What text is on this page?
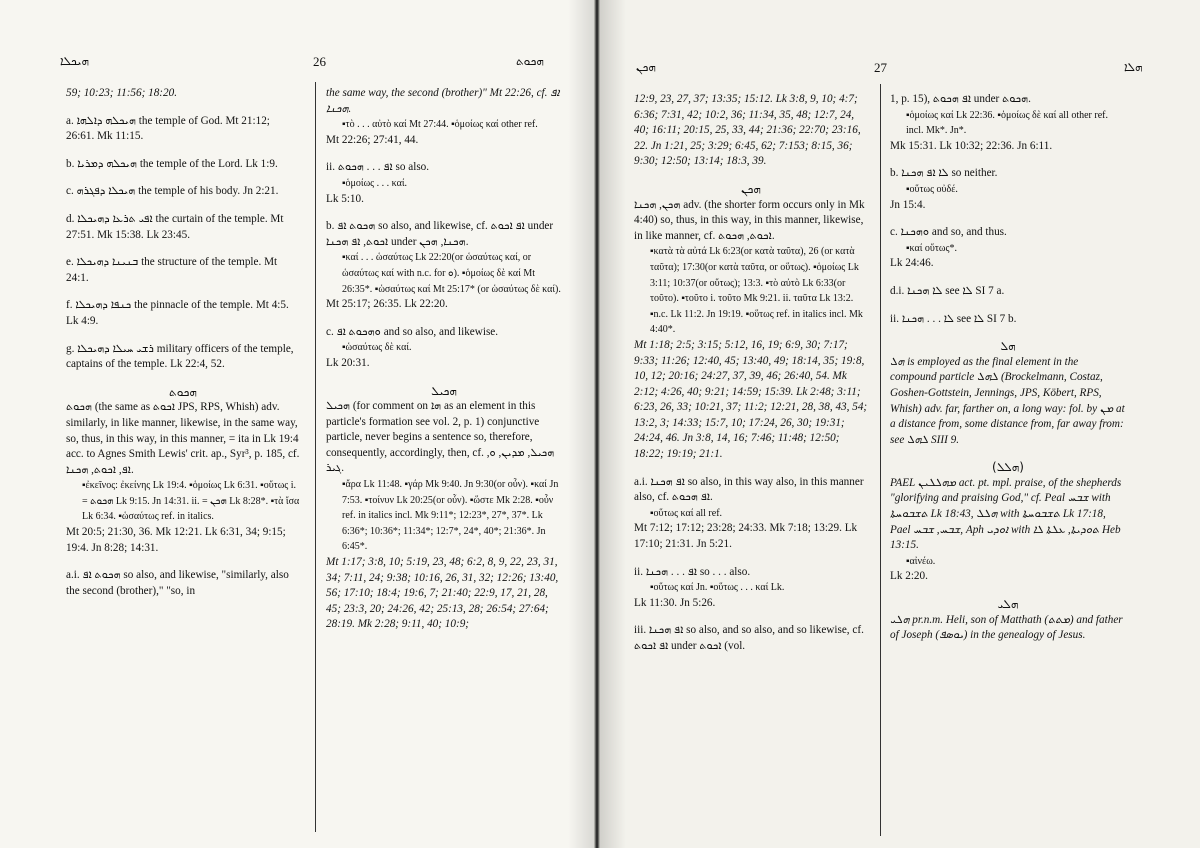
ܗܝܟܠܐ	26	ܗܟܘܬ

59; 10:23; 11:56; 18:20.

a. ܗܝܟܠܗ ܕܐܠܗܐ the temple of God. Mt 21:12; 26:61. Mk 11:15.

b. ܗܝܟܠܗ ܕܡܪܝܐ the temple of the Lord. Lk 1:9.

c. ܗܝܟܠܐ ܕܦܓܪܗ the temple of his body. Jn 2:21.

d. ܐܦܝ ܬܪܥܐ ܕܗܝܟܠܐ the curtain of the temple. Mt 27:51. Mk 15:38. Lk 23:45.

e. ܒܢܝܢܐ ܕܗܝܟܠܐ the structure of the temple. Mt 24:1.

f. ܟܢܦܐ ܕܗܝܟܠܐ the pinnacle of the temple. Mt 4:5. Lk 4:9.

g. ܪܫܝ ܚܝܠܐ ܕܗܝܟܠܐ military officers of the temple, captains of the temple. Lk 22:4, 52.

ܗܟܘܬ

ܗܟܘܬ (the same as ܐܟܘܬ JPS, RPS, Whish) adv. similarly, in like manner, likewise, in the same way, so, thus, in this way, in this manner, = ita in Lk 19:4 acc. to Agnes Smith Lewis' crit. ap., Syr³, p. 185, cf. ܐܦ, ܐܟܘܬ, ܗܟܢܐ.

▪ἐκεῖνος: ἐκείνης Lk 19:4. ▪ὁμοίως Lk 6:31. ▪οὕτως i. = ܗܟܘܬ Lk 9:15. Jn 14:31. ii. = ܗܟܢ Lk 8:28*. ▪τὰ ἴσα Lk 6:34. ▪ὡσαύτως ref. in italics.

Mt 20:5; 21:30, 36. Mk 12:21. Lk 6:31, 34; 9:15; 19:4. Jn 8:28; 14:31.

a.i. ܗܟܘܬ ܐܦ so also, and likewise, "similarly, also the second (brother)," "so, in

the same way, the second (brother)" Mt 22:26, cf. ܐܦ ܗܟܢܐ.

▪τὸ . . . αὐτὸ καί Mt 27:44. ▪ὁμοίως καί other ref.

Mt 22:26; 27:41, 44.

ii. ܐܦ . . . ܗܟܘܬ so also.

▪ὁμοίως . . . καί.

Lk 5:10.

b. ܗܟܘܬ ܐܦ so also, and likewise, cf. ܐܦ ܐܟܘܬ under ܐܟܘܬ, ܐܦ ܗܟܢܐ under ܗܟܢܐ, ܗܟܢ.

▪καί . . . ὡσαύτως Lk 22:20(or ὡσαύτως καί, or ὡσαύτως καί with n.c. for ܘ). ▪ὁμοίως δὲ καί Mt 26:35*. ▪ὡσαύτως καί Mt 25:17* (or ὡσαύτως δὲ καί).

Mt 25:17; 26:35. Lk 22:20.

c. ܘܗܟܘܬ ܐܦ and so also, and likewise.

▪ὡσαύτως δὲ καί.

Lk 20:31.

ܗܟܝܠ

ܗܟܝܠ (for comment on ܗܐ as an element in this particle's formation see vol. 2, p. 1) conjunctive particle, never begins a sentence so, therefore, consequently, accordingly, then, cf. ܗܟܝܠ, ܡܕܝܢ, ܘ, ܓܝܪ.

▪ἄρα Lk 11:48. ▪γάρ Mk 9:40. Jn 9:30(or οὖν). ▪καί Jn 7:53. ▪τοίνυν Lk 20:25(or οὖν). ▪ὥστε Mk 2:28. ▪οὖν ref. in italics incl. Mk 9:11*; 12:23*, 27*, 37*. Lk 6:36*; 10:36*; 11:34*; 12:7*, 24*, 40*; 21:36*. Jn 6:45*.

Mt 1:17; 3:8, 10; 5:19, 23, 48; 6:2, 8, 9, 22, 23, 31, 34; 7:11, 24; 9:38; 10:16, 26, 31, 32; 12:26; 13:40, 56; 17:10; 18:4; 19:6, 7; 21:40; 22:9, 17, 21, 28, 45; 23:3, 20; 24:26, 42; 25:13, 28; 26:54; 27:64; 28:19. Mk 2:28; 9:11, 40; 10:9;

ܗܟܢ	27	ܗܠܐ

12:9, 23, 27, 37; 13:35; 15:12. Lk 3:8, 9, 10; 4:7; 6:36; 7:31, 42; 10:2, 36; 11:34, 35, 48; 12:7, 24, 40; 16:11; 20:15, 25, 33, 44; 21:36; 22:70; 23:16, 22. Jn 1:21, 25; 3:29; 6:45, 62; 7:153; 8:15, 36; 9:30; 12:50; 13:14; 18:3, 39.

ܗܟܢ

ܗܟܢ, ܗܟܢܐ adv. (the shorter form occurs only in Mk 4:40) so, thus, in this way, in this manner, likewise, in like manner, cf. ܐܟܘܬ, ܗܟܘܬ.

▪κατὰ τὰ αὐτά Lk 6:23(or κατὰ ταῦτα), 26 (or κατὰ ταῦτα); 17:30(or κατὰ ταῦτα, or οὕτως). ▪ὁμοίως Lk 3:11; 10:37(or οὕτως); 13:3. ▪τὸ αὐτὸ Lk 6:33(or τοῦτο). ▪τοῦτο i. τοῦτο Mk 9:21. ii. ταῦτα Lk 13:2. ▪n.c. Lk 11:2. Jn 19:19. ▪οὕτως ref. in italics incl. Mk 4:40*.

Mt 1:18; 2:5; 3:15; 5:12, 16, 19; 6:9, 30; 7:17; 9:33; 11:26; 12:40, 45; 13:40, 49; 18:14, 35; 19:8, 10, 12; 20:16; 24:27, 37, 39, 46; 26:40, 54. Mk 2:12; 4:26, 40; 9:21; 14:59; 15:39. Lk 2:48; 3:11; 6:23, 26, 33; 10:21, 37; 11:2; 12:21, 28, 38, 43, 54; 13:2, 3; 14:33; 15:7, 10; 17:24, 26, 30; 19:31; 24:24, 46. Jn 3:8, 14, 16; 7:46; 11:48; 12:50; 18:22; 19:19; 21:1.

a.i. ܐܦ ܗܟܢܐ so also, in this way also, in this manner also, cf. ܐܦ ܗܟܘܬ.

▪οὕτως καί all ref.

Mt 7:12; 17:12; 23:28; 24:33. Mk 7:18; 13:29. Lk 17:10; 21:31. Jn 5:21.

ii. ܐܦ . . . ܗܟܢܐ so . . . also.

▪οὕτως καί Jn. ▪οὕτως . . . καί Lk.

Lk 11:30. Jn 5:26.

iii. ܐܦ ܗܟܢܐ so also, and so also, and so likewise, cf. ܐܦ ܐܟܘܬ under ܐܟܘܬ (vol.

1, p. 15), ܐܦ ܗܟܘܬ under ܗܟܘܬ.

▪ὁμοίως καί Lk 22:36. ▪ὁμοίως δὲ καί all other ref. incl. Mk*. Jn*.

Mk 15:31. Lk 10:32; 22:36. Jn 6:11.

b. ܠܐ ܐܦ ܗܟܢܐ so neither.

▪οὕτως οὐδέ.

Jn 15:4.

c. ܘܗܟܢܐ and so, and thus.

▪καί οὕτως*.

Lk 24:46.

d.i. ܠܐ ܗܟܢܐ see ܠܐ SI 7 a.

ii. ܠܐ . . . ܗܟܢܐ see ܠܐ SI 7 b.

ܗܠ

ܗܠ is employed as the final element in the compound particle ܠܗܠ (Brockelmann, Costaz, Goshen-Gottstein, Jennings, JPS, Köbert, RPS, Whish) adv. far, farther on, a long way: fol. by ܡܢ at a distance from, some distance from, far away from: see ܠܗܠ SIII 9.

(ܗܠܠ)

PAEL ܡܗܠܠܝܢ act. pt. mpl. praise, of the shepherds "glorifying and praising God," cf. Peal ܫܒܚ with ܬܫܒܘܚܬܐ Lk 18:43, ܗܠܠ with ܬܫܒܘܚܬܐ Lk 17:18, Pael ܫܒܚ, ܫܒܚ, Aph ܐܘܕܝ with ܬܘܕܝܬܐ, ܥܠܬܐ ܠܐ Heb 13:15.

▪αἰνέω.

Lk 2:20.

ܗܠܝ

ܗܠܝ pr.n.m. Heli, son of Matthath (ܡܬܬ) and father of Joseph (ܝܘܣܦ) in the genealogy of Jesus.
